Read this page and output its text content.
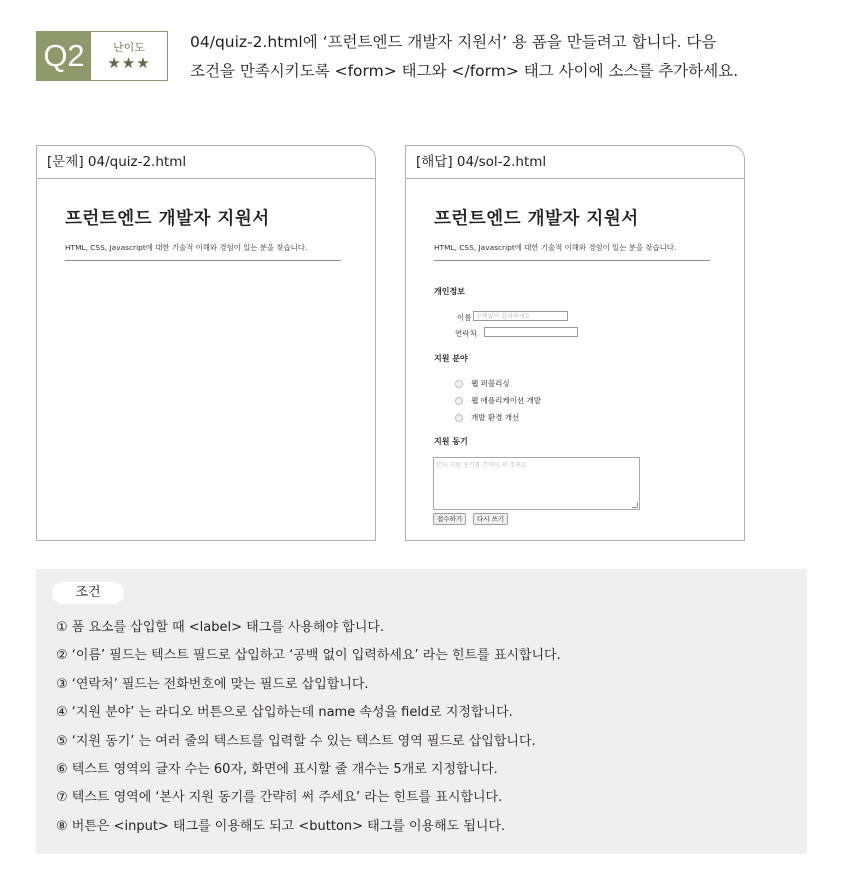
Q2	난이도
★★★

04/quiz-2.html에 ‘프런트엔드 개발자 지원서’ 용 폼을 만들려고 합니다. 다음

조건을 만족시키도록 <form> 태그와 </form> 태그 사이에 소스를 추가하세요.

[문제] 04/quiz-2.html
프런트엔드 개발자 지원서

HTML, CSS, Javascript에 대한 기술적 이해와 경험이 있는 분을 찾습니다.

[해답] 04/sol-2.html
프런트엔드 개발자 지원서

HTML, CSS, Javascript에 대한 기술적 이해와 경험이 있는 분을 찾습니다.

개인정보
이름 공백없이 입력하세요
연락처
지원 분야
웹 퍼블리싱
웹 애플리케이션 개발
개발 환경 개선
지원 동기
본사 지원 동기를 간략히 써 주세요
접수하기	다시 쓰기
조건
① 폼 요소를 삽입할 때 <label> 태그를 사용해야 합니다.
② ‘이름’ 필드는 텍스트 필드로 삽입하고 ‘공백 없이 입력하세요’ 라는 힌트를 표시합니다.
③ ‘연락처’ 필드는 전화번호에 맞는 필드로 삽입합니다.
④ ‘지원 분야’ 는 라디오 버튼으로 삽입하는데 name 속성을 field로 지정합니다.
⑤ ‘지원 동기’ 는 여러 줄의 텍스트를 입력할 수 있는 텍스트 영역 필드로 삽입합니다.
⑥ 텍스트 영역의 글자 수는 60자, 화면에 표시할 줄 개수는 5개로 지정합니다.
⑦ 텍스트 영역에 ‘본사 지원 동기를 간략히 써 주세요’ 라는 힌트를 표시합니다.
⑧ 버튼은 <input> 태그를 이용해도 되고 <button> 태그를 이용해도 됩니다.
